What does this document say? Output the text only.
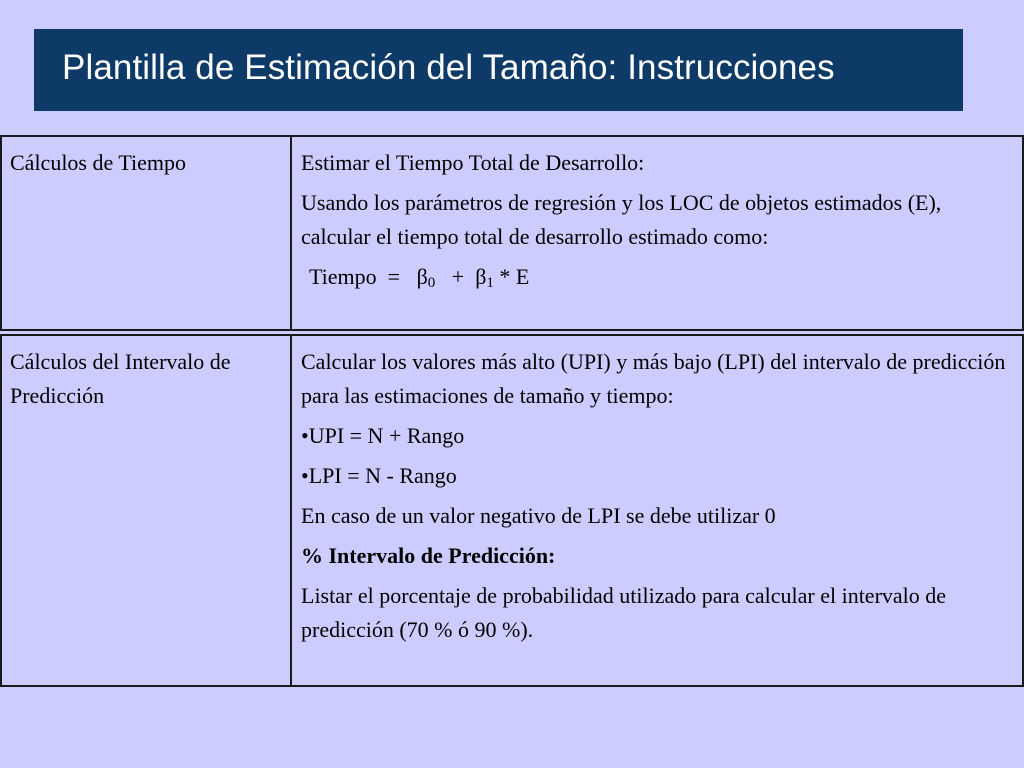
Plantilla de Estimación del Tamaño: Instrucciones
Cálculos de Tiempo	Estimar el Tiempo Total de Desarrollo:

Usando los parámetros de regresión y los LOC de objetos estimados (E), calcular el tiempo total de desarrollo estimado como:

Tiempo = $\beta_0 + \beta_1 * E$

Cálculos del Intervalo de Predicción

Calcular los valores más alto (UPI) y más bajo (LPI) del intervalo de predicción para las estimaciones de tamaño y tiempo:

•UPI = N + Rango

•LPI = N - Rango

En caso de un valor negativo de LPI se debe utilizar 0

% Intervalo de Predicción:

Listar el porcentaje de probabilidad utilizado para calcular el intervalo de predicción (70 % ó 90 %).
